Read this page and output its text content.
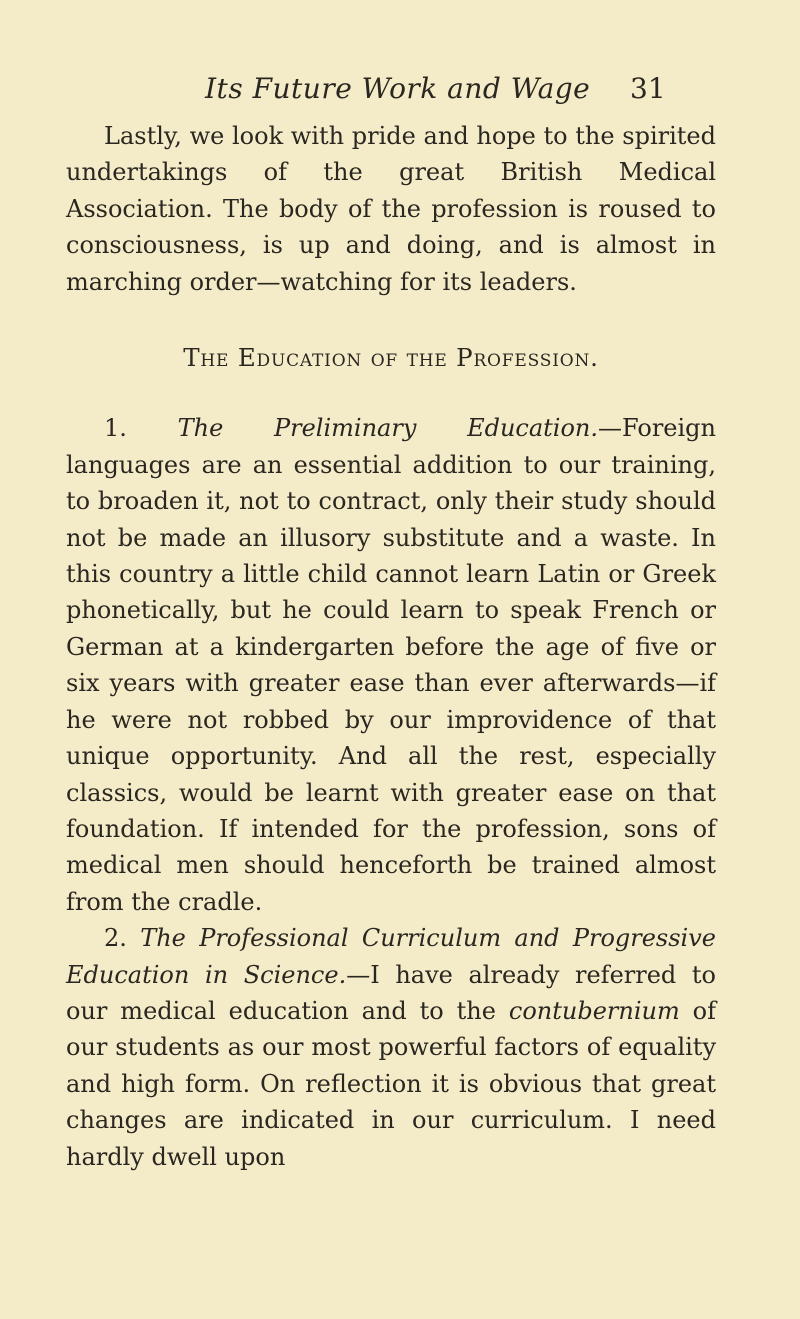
Its Future Work and Wage 31

Lastly, we look with pride and hope to the spirited undertakings of the great British Medical Association. The body of the profession is roused to consciousness, is up and doing, and is almost in marching order—watching for its leaders.

The Education of the Profession.

1. The Preliminary Education.—Foreign languages are an essential addition to our training, to broaden it, not to contract, only their study should not be made an illusory substitute and a waste. In this country a little child cannot learn Latin or Greek phonetically, but he could learn to speak French or German at a kindergarten before the age of five or six years with greater ease than ever afterwards—if he were not robbed by our improvidence of that unique opportunity. And all the rest, especially classics, would be learnt with greater ease on that foundation. If intended for the profession, sons of medical men should henceforth be trained almost from the cradle.

2. The Professional Curriculum and Progressive Education in Science.—I have already referred to our medical education and to the contubernium of our students as our most powerful factors of equality and high form. On reflection it is obvious that great changes are indicated in our curriculum. I need hardly dwell upon
